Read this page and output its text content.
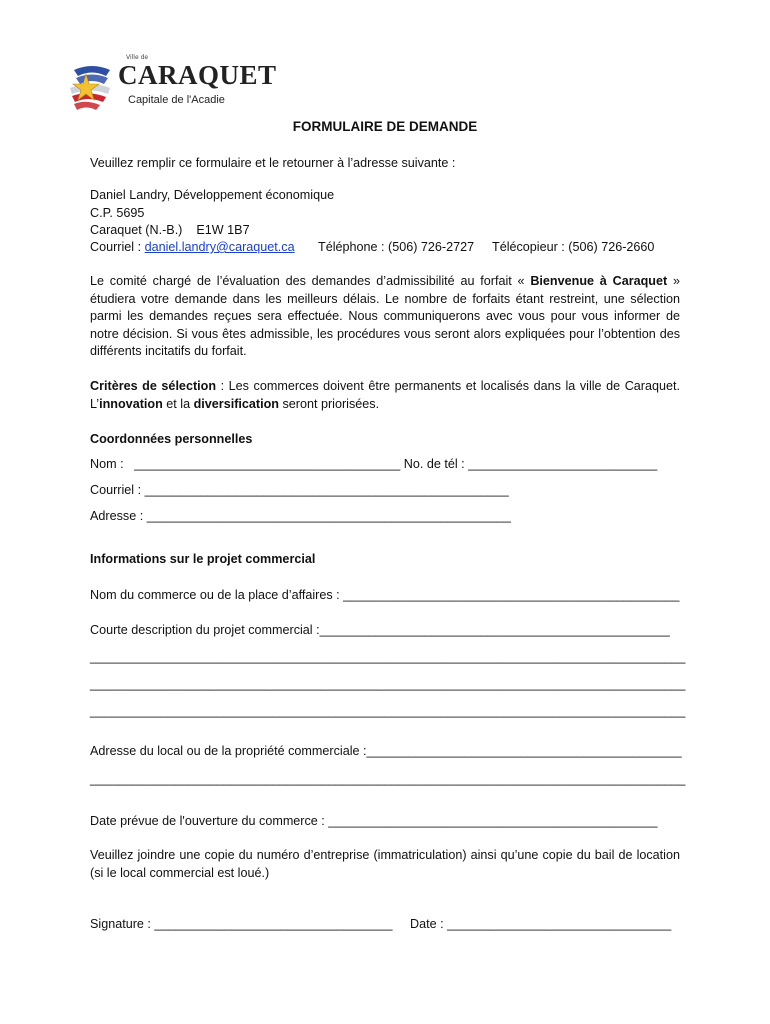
Ville de
CARAQUET
Capitale de l'Acadie
FORMULAIRE DE DEMANDE
Veuillez remplir ce formulaire et le retourner à l’adresse suivante :
Daniel Landry, Développement économique
C.P. 5695
Caraquet (N.-B.)    E1W 1B7
Courriel : daniel.landry@caraquet.ca Téléphone : (506) 726-2727 Télécopieur : (506) 726-2660
Le comité chargé de l’évaluation des demandes d’admissibilité au forfait « Bienvenue à Caraquet » étudiera votre demande dans les meilleurs délais. Le nombre de forfaits étant restreint, une sélection parmi les demandes reçues sera effectuée. Nous communiquerons avec vous pour vous informer de notre décision. Si vous êtes admissible, les procédures vous seront alors expliquées pour l’obtention des différents incitatifs du forfait.
Critères de sélection : Les commerces doivent être permanents et localisés dans la ville de Caraquet. L’innovation et la diversification seront priorisées.
Coordonnées personnelles
Nom :   ______________________________________ No. de tél : ___________________________
Courriel : ____________________________________________________
Adresse : ____________________________________________________
Informations sur le projet commercial
Nom du commerce ou de la place d’affaires : ________________________________________________
Courte description du projet commercial :__________________________________________________
_____________________________________________________________________________________
_____________________________________________________________________________________
_____________________________________________________________________________________
Adresse du local ou de la propriété commerciale :_____________________________________________
_____________________________________________________________________________________
Date prévue de l'ouverture du commerce : _______________________________________________
Veuillez joindre une copie du numéro d’entreprise (immatriculation) ainsi qu’une copie du bail de location (si le local commercial est loué.)
Signature : __________________________________ Date : ________________________________
